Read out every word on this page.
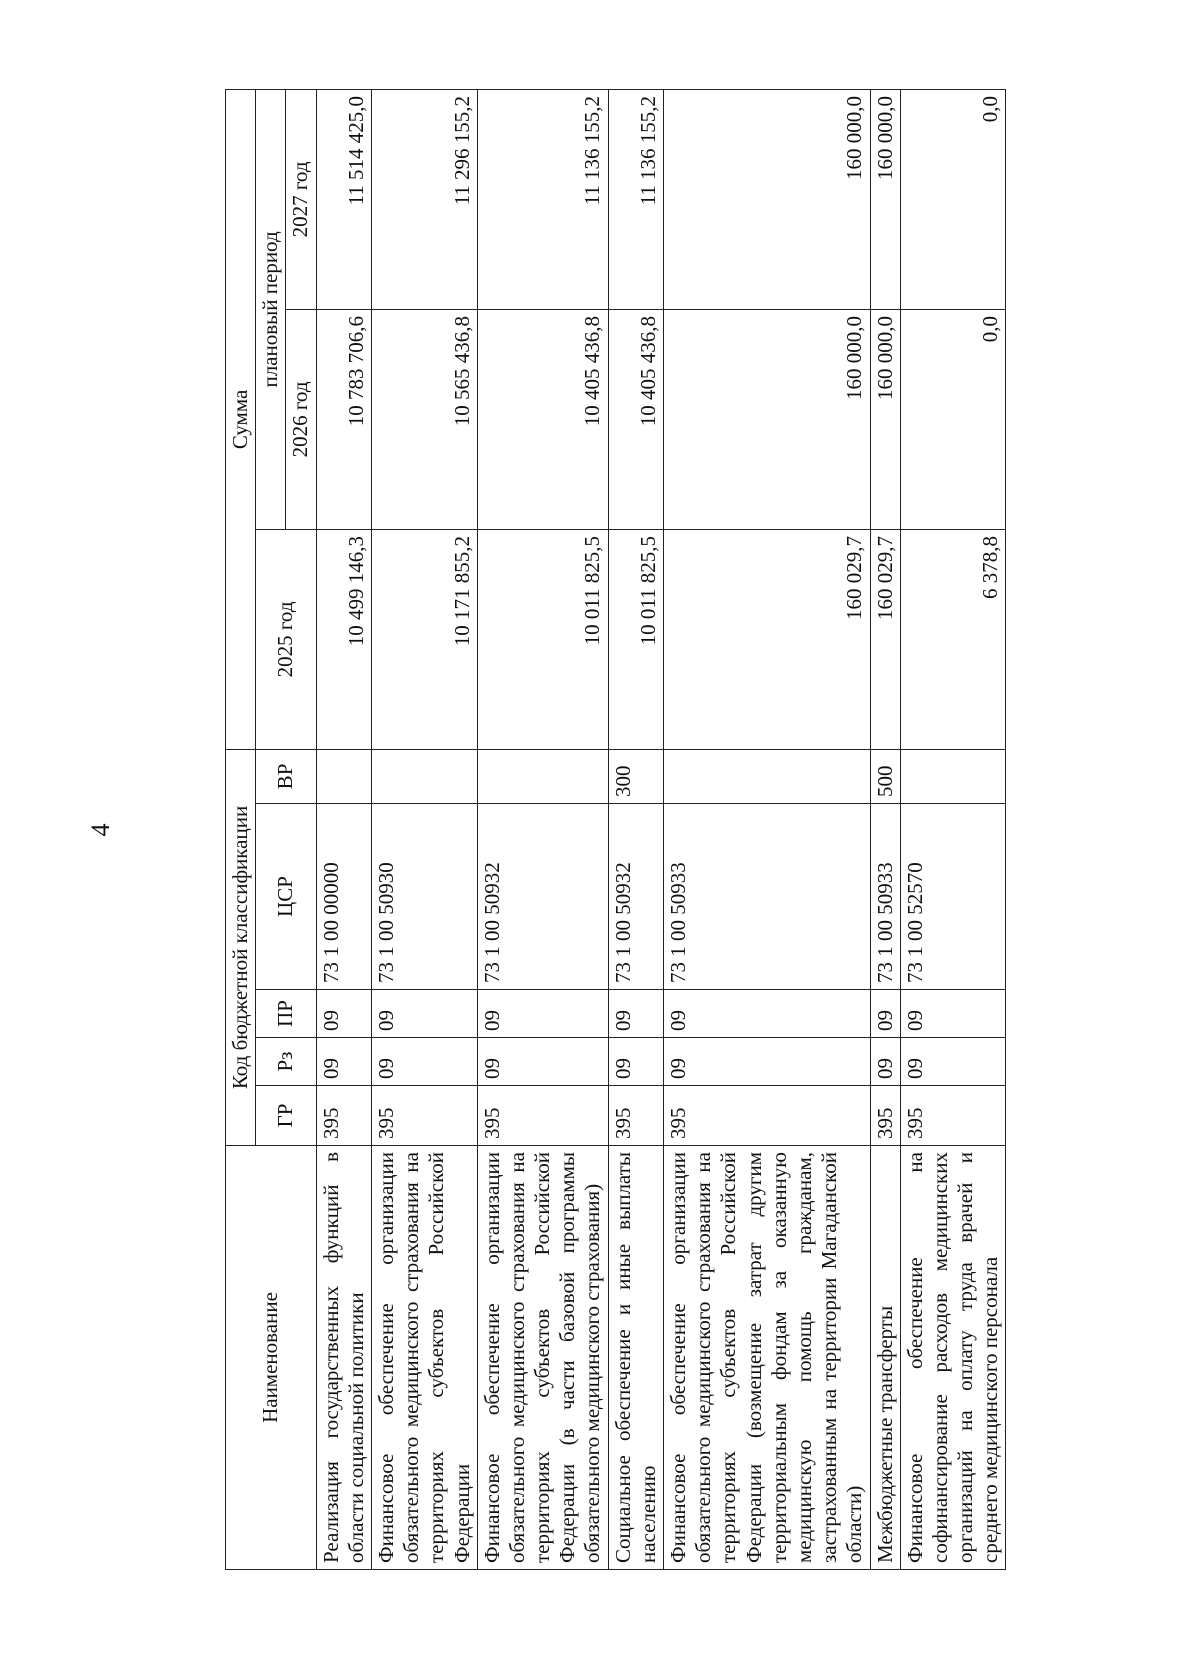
4
Наименование	Код бюджетной классификации					Сумма		
	ГР	Рз	ПР	ЦСР	ВР	2025 год	плановый период	
							2026 год	2027 год
Реализация государственных функций в области социальной политики	395	09	09	73 1 00 00000		10 499 146,3	10 783 706,6	11 514 425,0
Финансовое обеспечение организации обязательного медицинского страхования на территориях субъектов Российской Федерации	395	09	09	73 1 00 50930		10 171 855,2	10 565 436,8	11 296 155,2
Финансовое обеспечение организации обязательного медицинского страхования на территориях субъектов Российской Федерации (в части базовой программы обязательного медицинского страхования)	395	09	09	73 1 00 50932		10 011 825,5	10 405 436,8	11 136 155,2
Социальное обеспечение и иные выплаты населению	395	09	09	73 1 00 50932	300	10 011 825,5	10 405 436,8	11 136 155,2
Финансовое обеспечение организации обязательного медицинского страхования на территориях субъектов Российской Федерации (возмещение затрат другим территориальным фондам за оказанную медицинскую помощь гражданам, застрахованным на территории Магаданской области)	395	09	09	73 1 00 50933		160 029,7	160 000,0	160 000,0
Межбюджетные трансферты	395	09	09	73 1 00 50933	500	160 029,7	160 000,0	160 000,0
Финансовое обеспечение на софинансирование расходов медицинских организаций на оплату труда врачей и среднего медицинского персонала	395	09	09	73 1 00 52570		6 378,8	0,0	0,0
